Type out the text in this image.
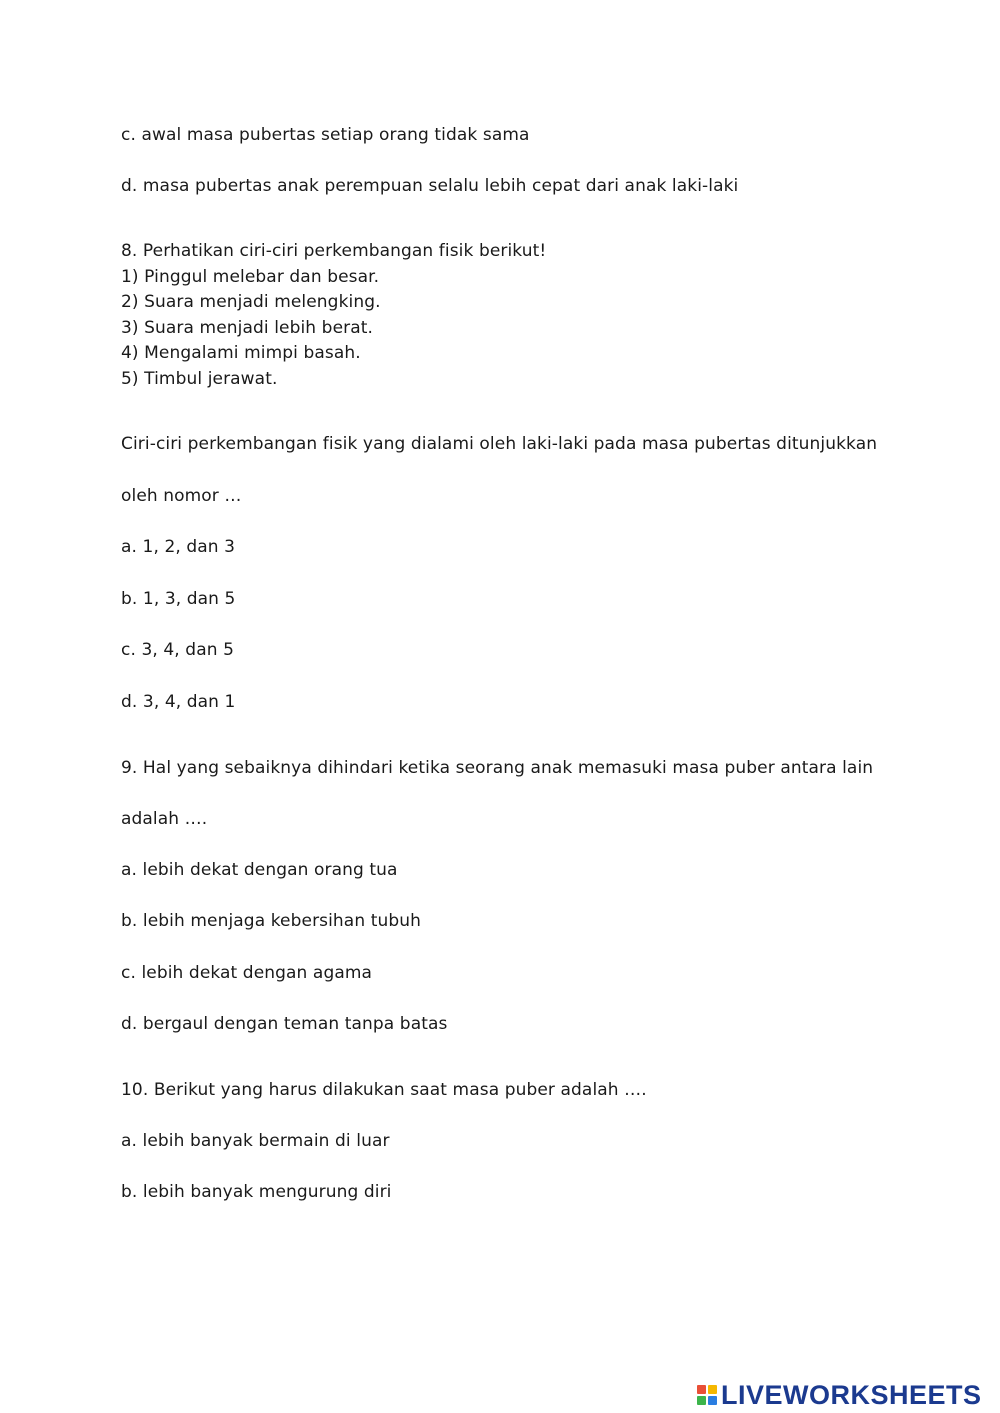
c. awal masa pubertas setiap orang tidak sama
d. masa pubertas anak perempuan selalu lebih cepat dari anak laki-laki
8. Perhatikan ciri-ciri perkembangan fisik berikut!
1) Pinggul melebar dan besar.
2) Suara menjadi melengking.
3) Suara menjadi lebih berat.
4) Mengalami mimpi basah.
5) Timbul jerawat.
Ciri-ciri perkembangan fisik yang dialami oleh laki-laki pada masa pubertas ditunjukkan
oleh nomor …
a. 1, 2, dan 3
b. 1, 3, dan 5
c. 3, 4, dan 5
d. 3, 4, dan 1
9. Hal yang sebaiknya dihindari ketika seorang anak memasuki masa puber antara lain
adalah ….
a. lebih dekat dengan orang tua
b. lebih menjaga kebersihan tubuh
c. lebih dekat dengan agama
d. bergaul dengan teman tanpa batas
10. Berikut yang harus dilakukan saat masa puber adalah ….
a. lebih banyak bermain di luar
b. lebih banyak mengurung diri
LIVEWORKSHEETS
